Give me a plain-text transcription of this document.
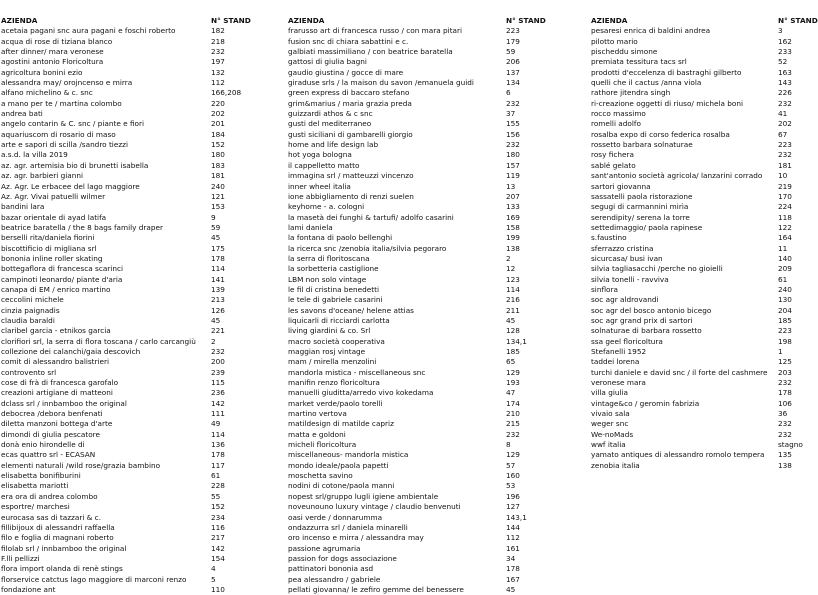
AZIENDA	N° STAND
acetaia pagani snc aura pagani e foschi roberto	182
acqua di rose di tiziana blanco	218
after dinner/ mara veronese	232
agostini antonio Floricoltura	197
agricoltura bonini ezio	132
alessandra may/ orojncenso e mirra	112
alfano michelino & c. snc	166,208
a mano per te / martina colombo	220
andrea bati	202
angelo contarin & C. snc / piante e fiori	201
aquariuscom di rosario di maso	184
arte e sapori di scilla /sandro tiezzi	152
a.s.d. la villa 2019	180
az. agr. artemisia bio di brunetti isabella	183
az. agr. barbieri gianni	181
Az. Agr. Le erbacee del lago maggiore	240
Az. Agr. Vivai patuelli wilmer	121
bandini lara	153
bazar orientale di ayad latifa	9
beatrice baratella / the 8 bags family draper	59
berselli rita/daniela fiorini	45
biscottificio di migliana srl	175
bononia inline roller skating	178
bottegaflora di francesca scarinci	114
campinoti leonardo/ piante d'aria	141
canapa di EM / enrico martino	139
ceccolini michele	213
cinzia paignadis	126
claudia baraldi	45
claribel garcia - etnikos garcia	221
clorifiori srl, la serra di flora toscana / carlo carcangiù 2
collezione dei calanchi/gaia descovich	232
comit di alessandro balistrieri	200
controvento srl	239
cose di frà di francesca garofalo	115
creazioni artigiane di matteoni	236
dclass srl / innbamboo the original	142
debocrea /debora benfenati	111
diletta manzoni bottega d'arte	49
dimondi di giulia pescatore	114
donà enio hirondelle di	136
ecas quattro srl - ECASAN	178
elementi naturali /wild rose/grazia bambino	117
elisabetta bonifiburini	61
elisabetta mariotti	228
era ora di andrea colombo	55
esportre/ marchesi	152
eurocasa sas di tazzari & c.	234
fillibijoux di alessandri raffaella	116
filo e foglia di magnani roberto	217
filolab srl / innbamboo the original	142
F.lli pellizzi	154
flora import olanda di renè stings	4
florservice catctus lago maggiore di marconi renzo	5
fondazione ant	110
AZIENDA	N° STAND
frarusso art di francesca russo / con mara pitari	223
fusion snc di chiara sabattini e c.	179
galbiati massimiliano / con beatrice baratella	59
gattosi di giulia bagni	206
gaudio giustina / gocce di mare	137
giraduse srls / la maison du savon /emanuela guidi	134
green express di baccaro stefano	6
grim&marius / maria grazia preda	232
guizzardi athos & c snc	37
gusti del mediterraneo	155
gusti siciliani di gambarelli giorgio	156
home and life design lab	232
hot yoga bologna	180
il cappelletto matto	157
immagina srl / matteuzzi vincenzo	119
inner wheel italia	13
ione abbigliamento di renzi suelen	207
keyhome - a. cologni	133
la masetà dei funghi & tartufi/ adolfo casarini	169
lami daniela	158
la fontana di paolo bellenghi	199
la ricerca snc /zenobia italia/silvia pegoraro	138
la serra di floritoscana	2
la sorbetteria castiglione	12
LBM non solo vintage	123
le fil di cristina benedetti	114
le tele di gabriele casarini	216
les savons d'oceane/ helene attias	211
liquicarli di ricciardi carlotta	45
living giardini & co. Srl	128
macro società cooperativa	134,1
maggian rosj vintage	185
mam / mirella menzolini	65
mandorla mistica - miscellaneous snc	129
manifin renzo floricoltura	193
manuelli giuditta/arredo vivo kokedama	47
market verde/paolo torelli	174
martino vertova	210
matildesign di matilde capriz	215
matta e goldoni	232
micheli floricoltura	8
miscellaneous- mandorla mistica	129
mondo ideale/paola papetti	57
moschetta savino	160
nodini di cotone/paola manni	53
nopest srl/gruppo lugli igiene ambientale	196
noveunouno luxury vintage / claudio benvenuti	127
oasi verde / donnarumma	143,1
ondazzurra srl / daniela minarelli	144
oro incenso e mirra / alessandra may	112
passione agrumaria	161
passion for dogs associazione	34
pattinatori bononia asd	178
pea alessandro / gabriele	167
pellati giovanna/ le zefiro gemme del benessere	45
AZIENDA	N° STAND
pesaresi enrica di baldini andrea	3
pilotto mario	162
pischeddu simone	233
premiata tessitura tacs srl	52
prodotti d'eccelenza di bastraghi gilberto	163
quelli che il cactus /anna viola	143
rathore jitendra singh	226
ri-creazione oggetti di riuso/ michela boni	232
rocco massimo	41
romelli adolfo	202
rosalba expo di corso federica rosalba	67
rossetto barbara solnaturae	223
rosy fichera	232
sablé gelato	181
sant'antonio società agricola/ lanzarini corrado 10
sartori giovanna	219
sassatelli paola ristorazione	170
segugi di carmannini mirìa	224
serendipity/ serena la torre	118
settedimaggio/ paola rapinese	122
s.faustino	164
sferrazzo cristina	11
sicurcasa/ busi ivan	140
silvia tagliasacchi /perche no gioielli	209
silvia tonelli - ravviva	61
sinflora	240
soc agr aldrovandi	130
soc agr del bosco antonio bicego	204
soc agr grand prix di sartori	185
solnaturae di barbara rossetto	223
ssa geel floricoltura	198
Stefanelli 1952	1
taddei lorena	125
turchi daniele e david snc / il forte del cashmere 203
veronese mara	232
villa giulia	178
vintage&co / geromin fabrizia	106
vivaio sala	36
weger snc	232
We-noMads	232
wwf italia	stagno
yamato antiques di alessandro romolo tempera 135
zenobia italia	138
